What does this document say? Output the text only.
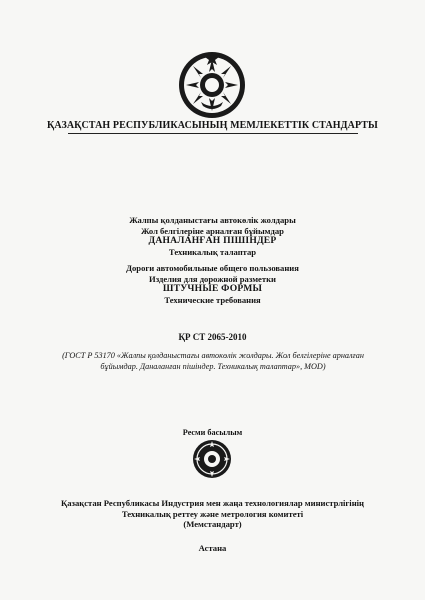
ҚАЗАҚСТАН РЕСПУБЛИКАСЫНЫҢ МЕМЛЕКЕТТІК СТАНДАРТЫ
Жалпы қолданыстағы автокөлік жолдары
Жол белгілеріне арналған бұйымдар
ДАНАЛАНҒАН ПІШІНДЕР
Техникалық талаптар
Дороги автомобильные общего пользования
Изделия для дорожной разметки
ШТУЧНЫЕ ФОРМЫ
Технические требования
ҚР СТ 2065-2010
(ГОСТ Р 53170 «Жалпы қолданыстағы автокөлік жолдары. Жол белгілеріне арналған
бұйымдар. Даналанған пішіндер. Техникалық талаптар», MOD)
Ресми басылым
Қазақстан Республикасы Индустрия мен жаңа технологиялар министрлігінің
Техникалық реттеу және метрология комитеті
(Мемстандарт)
Астана
